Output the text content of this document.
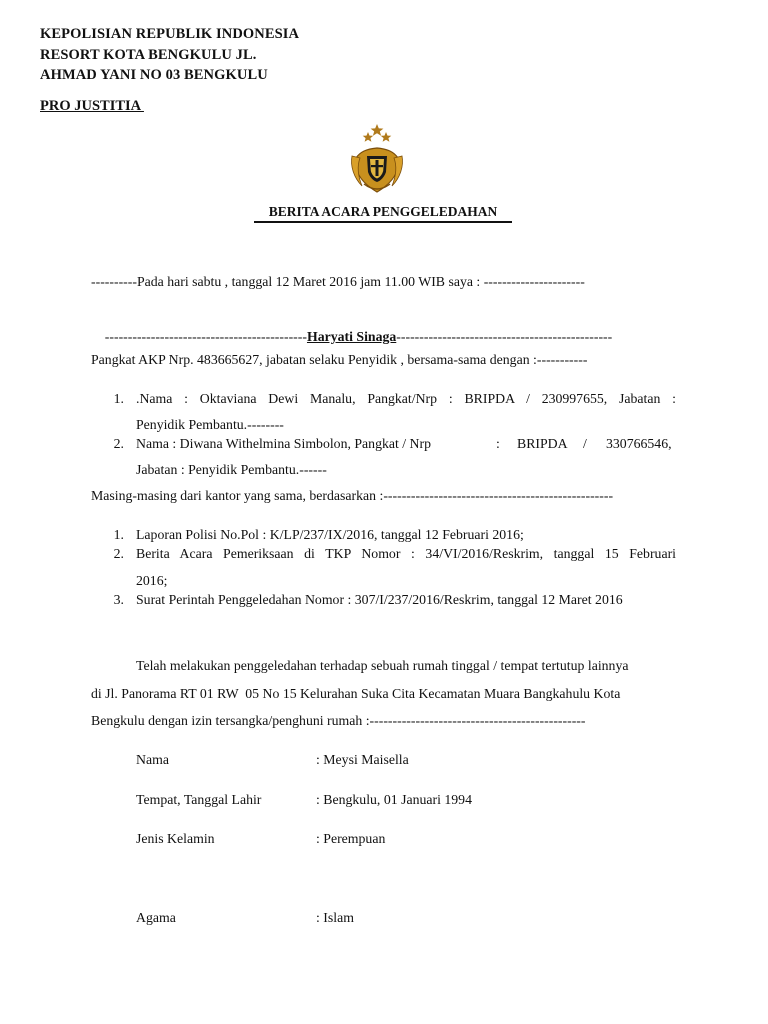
KEPOLISIAN REPUBLIK INDONESIA
RESORT KOTA BENGKULU JL.
AHMAD YANI NO 03 BENGKULU
PRO JUSTITIA
BERITA ACARA PENGGELEDAHAN
----------Pada hari sabtu , tanggal 12 Maret 2016 jam 11.00 WIB saya : ----------------------

--------------------------------------------Haryati Sinaga-----------------------------------------------

Pangkat AKP Nrp. 483665627, jabatan selaku Penyidik , bersama-sama dengan :-----------
1. .Nama : Oktaviana Dewi Manalu, Pangkat/Nrp : BRIPDA / 230997655, Jabatan :
Penyidik Pembantu.--------
2. Nama : Diwana Withelmina Simbolon, Pangkat / Nrp	: BRIPDA / 330766546,
Jabatan : Penyidik Pembantu.------
Masing-masing dari kantor yang sama, berdasarkan :--------------------------------------------------
1. Laporan Polisi No.Pol : K/LP/237/IX/2016, tanggal 12 Februari 2016;
2. Berita Acara Pemeriksaan di TKP Nomor : 34/VI/2016/Reskrim, tanggal 15 Februari
2016;
3. Surat Perintah Penggeledahan Nomor : 307/I/237/2016/Reskrim, tanggal 12 Maret 2016
Telah melakukan penggeledahan terhadap sebuah rumah tinggal / tempat tertutup lainnya
di Jl. Panorama RT 01 RW  05 No 15 Kelurahan Suka Cita Kecamatan Muara Bangkahulu Kota
Bengkulu dengan izin tersangka/penghuni rumah :-----------------------------------------------
Nama	: Meysi Maisella
Tempat, Tanggal Lahir	: Bengkulu, 01 Januari 1994
Jenis Kelamin	: Perempuan
Agama	: Islam
